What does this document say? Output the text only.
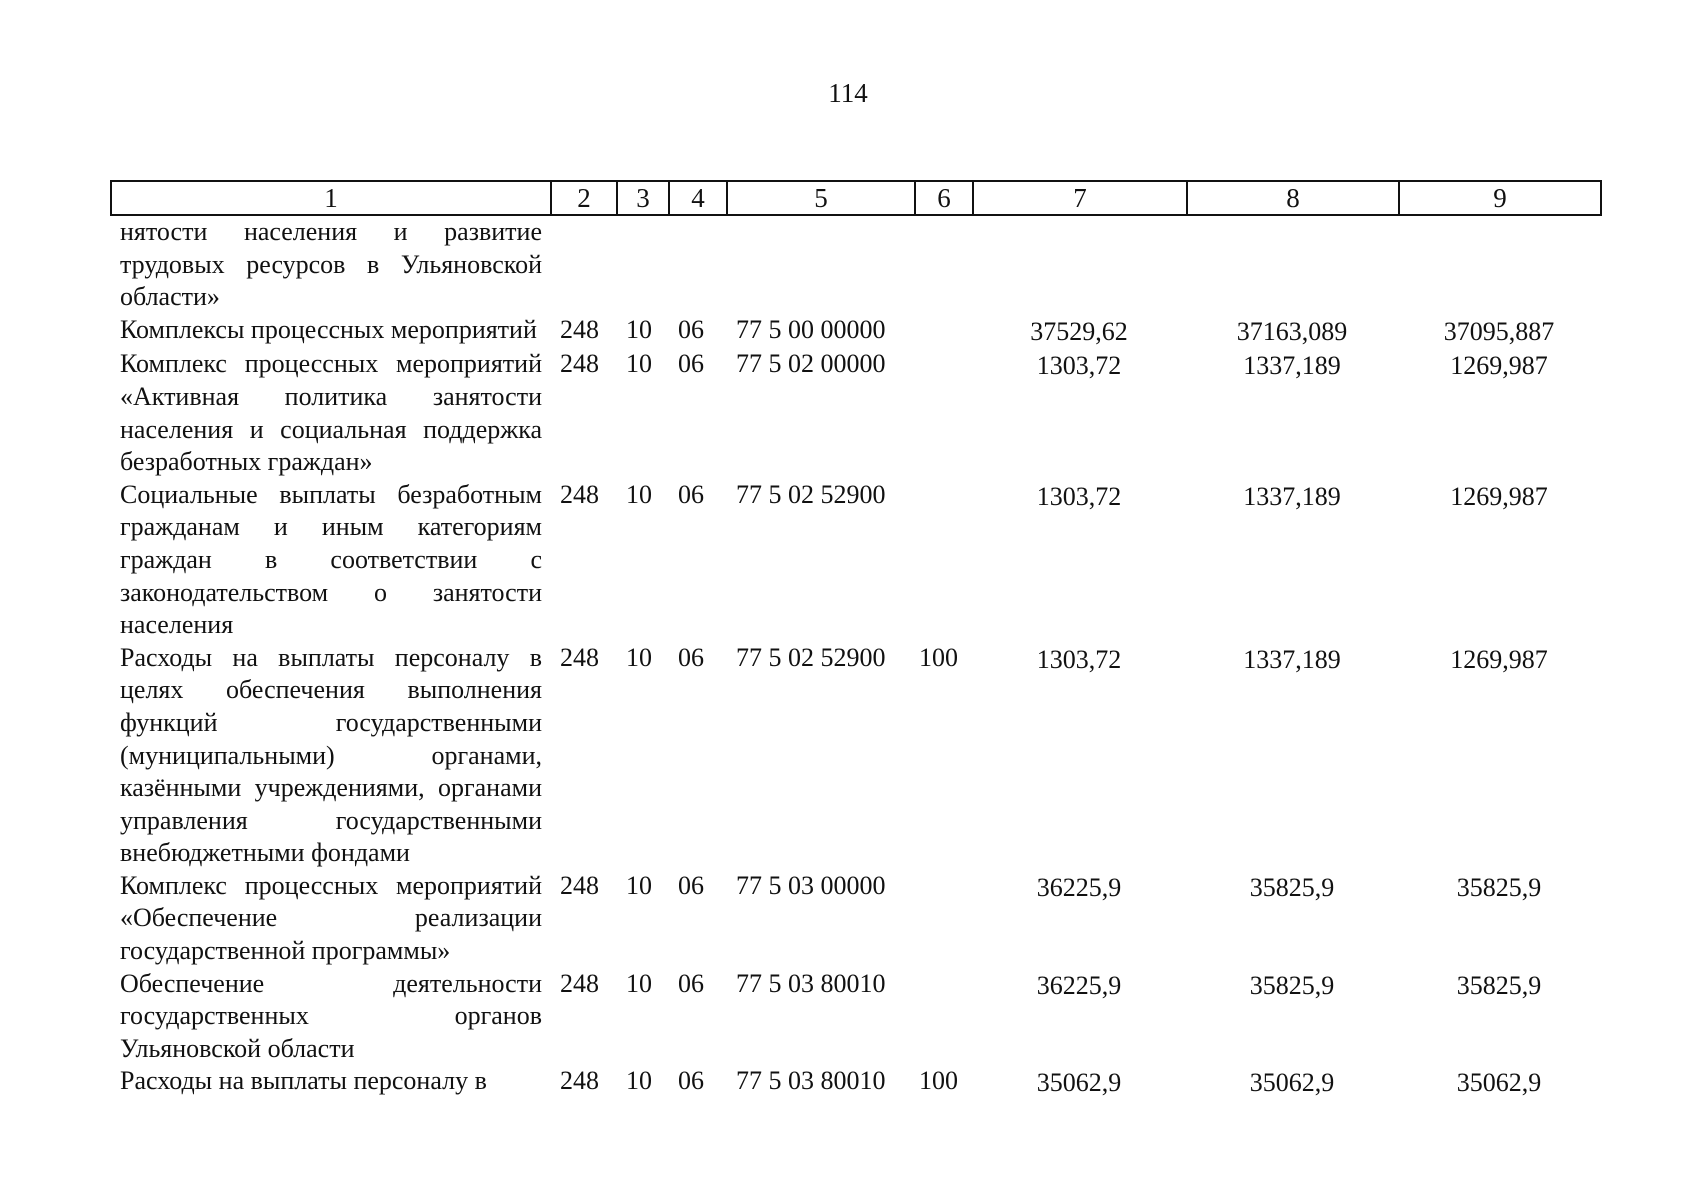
114
1	2	3	4	5	6	7	8	9
нятости населения и развитие трудовых ресурсов в Ульяновской области»								
Комплексы процессных мероприятий	248	10	06	77 5 00 00000		37529,62	37163,089	37095,887
Комплекс процессных мероприятий «Активная политика занятости населения и социальная поддержка безработных граждан»	248	10	06	77 5 02 00000		1303,72	1337,189	1269,987
Социальные выплаты безработным гражданам и иным категориям граждан в соответствии с законодательством о занятости населения	248	10	06	77 5 02 52900		1303,72	1337,189	1269,987
Расходы на выплаты персоналу в целях обеспечения выполнения функций государственными (муниципальными) органами, казёнными учреждениями, органами управления государственными внебюджетными фондами	248	10	06	77 5 02 52900	100	1303,72	1337,189	1269,987
Комплекс процессных мероприятий «Обеспечение реализации государственной программы»	248	10	06	77 5 03 00000		36225,9	35825,9	35825,9
Обеспечение деятельности государственных органов Ульяновской области	248	10	06	77 5 03 80010		36225,9	35825,9	35825,9
Расходы на выплаты персоналу в	248	10	06	77 5 03 80010	100	35062,9	35062,9	35062,9
